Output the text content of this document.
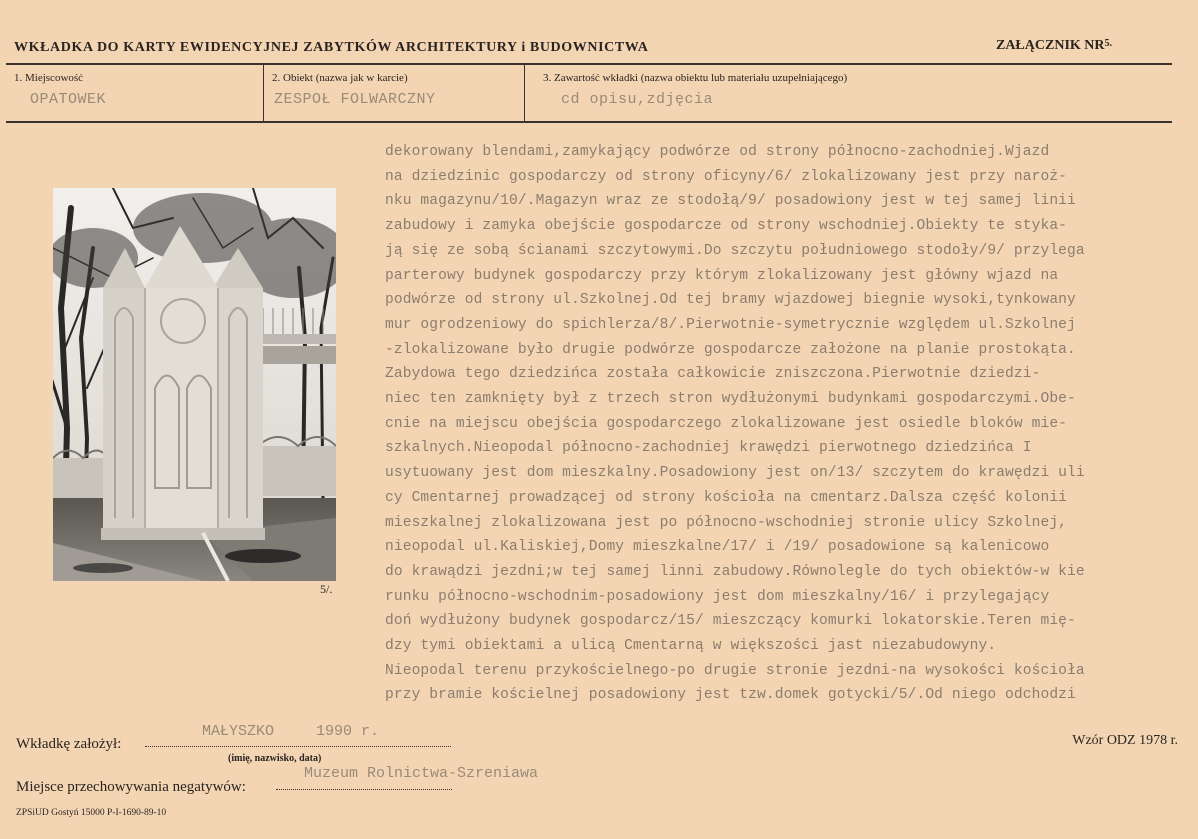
WKŁADKA DO KARTY EWIDENCYJNEJ ZABYTKÓW ARCHITEKTURY i BUDOWNICTWA	ZAŁĄCZNIK $NR^{5.}$
1. Miejscowość
OPATOWEK
2. Obiekt (nazwa jak w karcie)
ZESPOŁ FOLWARCZNY
3. Zawartość wkładki (nazwa obiektu lub materiału uzupełniającego)
cd opisu,zdjęcia
5/.
dekorowany blendami,zamykający podwórze od strony północno-zachodniej.Wjazd
na dziedzinic gospodarczy od strony oficyny/6/ zlokalizowany jest przy naroż-
nku magazynu/10/.Magazyn wraz ze stodołą/9/ posadowiony jest w tej samej linii
zabudowy i zamyka obejście gospodarcze od strony wschodniej.Obiekty te styka-
ją się ze sobą ścianami szczytowymi.Do szczytu południowego stodoły/9/ przylega
parterowy budynek gospodarczy przy którym zlokalizowany jest główny wjazd na
podwórze od strony ul.Szkolnej.Od tej bramy wjazdowej biegnie wysoki,tynkowany
mur ogrodzeniowy do spichlerza/8/.Pierwotnie-symetrycznie względem ul.Szkolnej
-zlokalizowane było drugie podwórze gospodarcze założone na planie prostokąta.
Zabydowa tego dziedzińca została całkowicie zniszczona.Pierwotnie dziedzi-
niec ten zamknięty był z trzech stron wydłużonymi budynkami gospodarczymi.Obe-
cnie na miejscu obejścia gospodarczego zlokalizowane jest osiedle bloków mie-
szkalnych.Nieopodal północno-zachodniej krawędzi pierwotnego dziedzińca I
usytuowany jest dom mieszkalny.Posadowiony jest on/13/ szczytem do krawędzi uli
cy Cmentarnej prowadzącej od strony kościoła na cmentarz.Dalsza część kolonii
mieszkalnej zlokalizowana jest po północno-wschodniej stronie ulicy Szkolnej,
nieopodal ul.Kaliskiej,Domy mieszkalne/17/ i /19/ posadowione są kalenicowo
do krawądzi jezdni;w tej samej linni zabudowy.Równolegle do tych obiektów-w kie
runku północno-wschodnim-posadowiony jest dom mieszkalny/16/ i przylegający
doń wydłużony budynek gospodarcz/15/ mieszczący komurki lokatorskie.Teren mię-
dzy tymi obiektami a ulicą Cmentarną w większości jast niezabudowyny.
Nieopodal terenu przykościelnego-po drugie stronie jezdni-na wysokości kościoła
przy bramie kościelnej posadowiony jest tzw.domek gotycki/5/.Od niego odchodzi
Wkładkę założył:
MAŁYSZKO	1990 r.
(imię, nazwisko, data)
Miejsce przechowywania negatywów:
Muzeum Rolnictwa-Szreniawa
Wzór ODZ 1978 r.
ZPSiUD Gostyń 15000 P-I-1690-89-10
